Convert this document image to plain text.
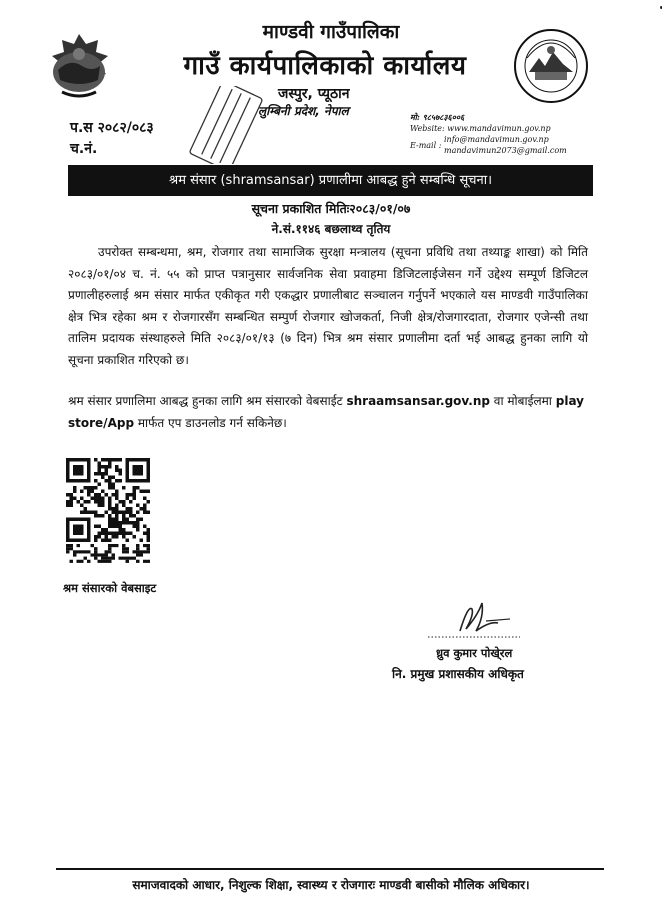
माण्डवी गाउँपालिका
गाउँ कार्यपालिकाको कार्यालय
जस्पुर, प्यूठान
लुम्बिनी प्रदेश, नेपाल
प.स २०८२/०८३
च.नं.
मो: ९८५७८३६००६
Website: www.mandavimun.gov.np
E-mail :
info@mandavimun.gov.np
mandavimun2073@gmail.com
श्रम संसार (shramsansar) प्रणालीमा आबद्ध हुने सम्बन्धि सूचना।
सूचना प्रकाशित मितिः२०८३/०१/०७
ने.सं.११४६ बछलाथ्व तृतिय
उपरोक्त सम्बन्धमा, श्रम, रोजगार तथा सामाजिक सुरक्षा मन्त्रालय (सूचना प्रविधि तथा तथ्याङ्क शाखा) को मिति २०८३/०१/०४ च. नं. ५५ को प्राप्त पत्रानुसार सार्वजनिक सेवा प्रवाहमा डिजिटलाईजेसन गर्ने उद्देश्य सम्पूर्ण डिजिटल प्रणालीहरुलाई श्रम संसार मार्फत एकीकृत गरी एकद्धार प्रणालीबाट सञ्चालन गर्नुपर्ने भएकाले यस माण्डवी गाउँपालिका क्षेत्र भित्र रहेका श्रम र रोजगारसँग सम्बन्धित सम्पुर्ण रोजगार खोजकर्ता, निजी क्षेत्र/रोजगारदाता, रोजगार एजेन्सी तथा तालिम प्रदायक संस्थाहरुले मिति २०८३/०१/१३ (७ दिन) भित्र श्रम संसार प्रणालीमा दर्ता भई आबद्ध हुनका लागि यो सूचना प्रकाशित गरिएको छ।
श्रम संसार प्रणालिमा आबद्ध हुनका लागि श्रम संसारको वेबसाईट shraamsansar.gov.np वा मोबाईलमा play store/App मार्फत एप डाउनलोड गर्न सकिनेछ।
श्रम संसारको वेबसाइट
ध्रुव कुमार पोखे्रल
नि. प्रमुख प्रशासकीय अधिकृत
समाजवादको आधार, निशुल्क शिक्षा, स्वास्थ्य र रोजगारः माण्डवी बासीको मौलिक अधिकार।
